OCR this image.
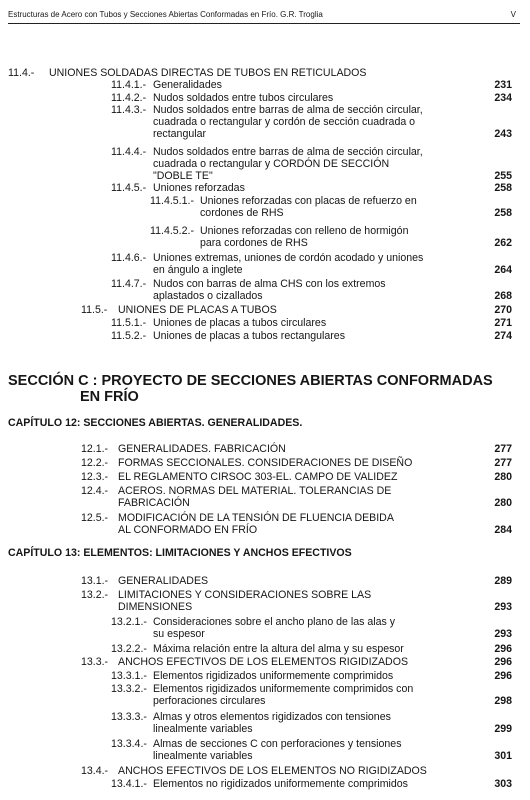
Estructuras de Acero con Tubos y Secciones Abiertas Conformadas en Frío. G.R. Troglia	V
11.4.- UNIONES SOLDADAS DIRECTAS DE TUBOS EN RETICULADOS
11.4.1.- Generalidades	231
11.4.2.- Nudos soldados entre tubos circulares	234
11.4.3.- Nudos soldados entre barras de alma de sección circular,
cuadrada o rectangular y cordón de sección cuadrada o
rectangular	243
11.4.4.- Nudos soldados entre barras de alma de sección circular,
cuadrada o rectangular y CORDÓN DE SECCIÓN
"DOBLE TE"	255
11.4.5.- Uniones reforzadas	258
11.4.5.1.- Uniones reforzadas con placas de refuerzo en
cordones de RHS	258
11.4.5.2.- Uniones reforzadas con relleno de hormigón
para cordones de RHS	262
11.4.6.- Uniones extremas, uniones de cordón acodado y uniones
en ángulo a inglete	264
11.4.7.- Nudos con barras de alma CHS con los extremos
aplastados o cizallados	268
11.5.- UNIONES DE PLACAS A TUBOS	270
11.5.1.- Uniones de placas a tubos circulares	271
11.5.2.- Uniones de placas a tubos rectangulares	274
12.1.- GENERALIDADES. FABRICACIÓN	277
12.2.- FORMAS SECCIONALES. CONSIDERACIONES DE DISEÑO	277
12.3.- EL REGLAMENTO CIRSOC 303-EL. CAMPO DE VALIDEZ	280
12.4.- ACEROS. NORMAS DEL MATERIAL. TOLERANCIAS DE
FABRICACIÓN	280
12.5.- MODIFICACIÓN DE LA TENSIÓN DE FLUENCIA DEBIDA
AL CONFORMADO EN FRÍO	284
13.1.- GENERALIDADES	289
13.2.- LIMITACIONES Y CONSIDERACIONES SOBRE LAS
DIMENSIONES	293
13.2.1.- Consideraciones sobre el ancho plano de las alas y
su espesor	293
13.2.2.- Máxima relación entre la altura del alma y su espesor	296
13.3.- ANCHOS EFECTIVOS DE LOS ELEMENTOS RIGIDIZADOS	296
13.3.1.- Elementos rigidizados uniformemente comprimidos	296
13.3.2.- Elementos rigidizados uniformemente comprimidos con
perforaciones circulares	298
13.3.3.- Almas y otros elementos rigidizados con tensiones
linealmente variables	299
13.3.4.- Almas de secciones C con perforaciones y tensiones
linealmente variables	301
13.4.- ANCHOS EFECTIVOS DE LOS ELEMENTOS NO RIGIDIZADOS
13.4.1.- Elementos no rigidizados uniformemente comprimidos	303
SECCIÓN C : PROYECTO DE SECCIONES ABIERTAS CONFORMADAS
EN FRÍO
CAPÍTULO 12: SECCIONES ABIERTAS. GENERALIDADES.
CAPÍTULO 13: ELEMENTOS: LIMITACIONES Y ANCHOS EFECTIVOS
